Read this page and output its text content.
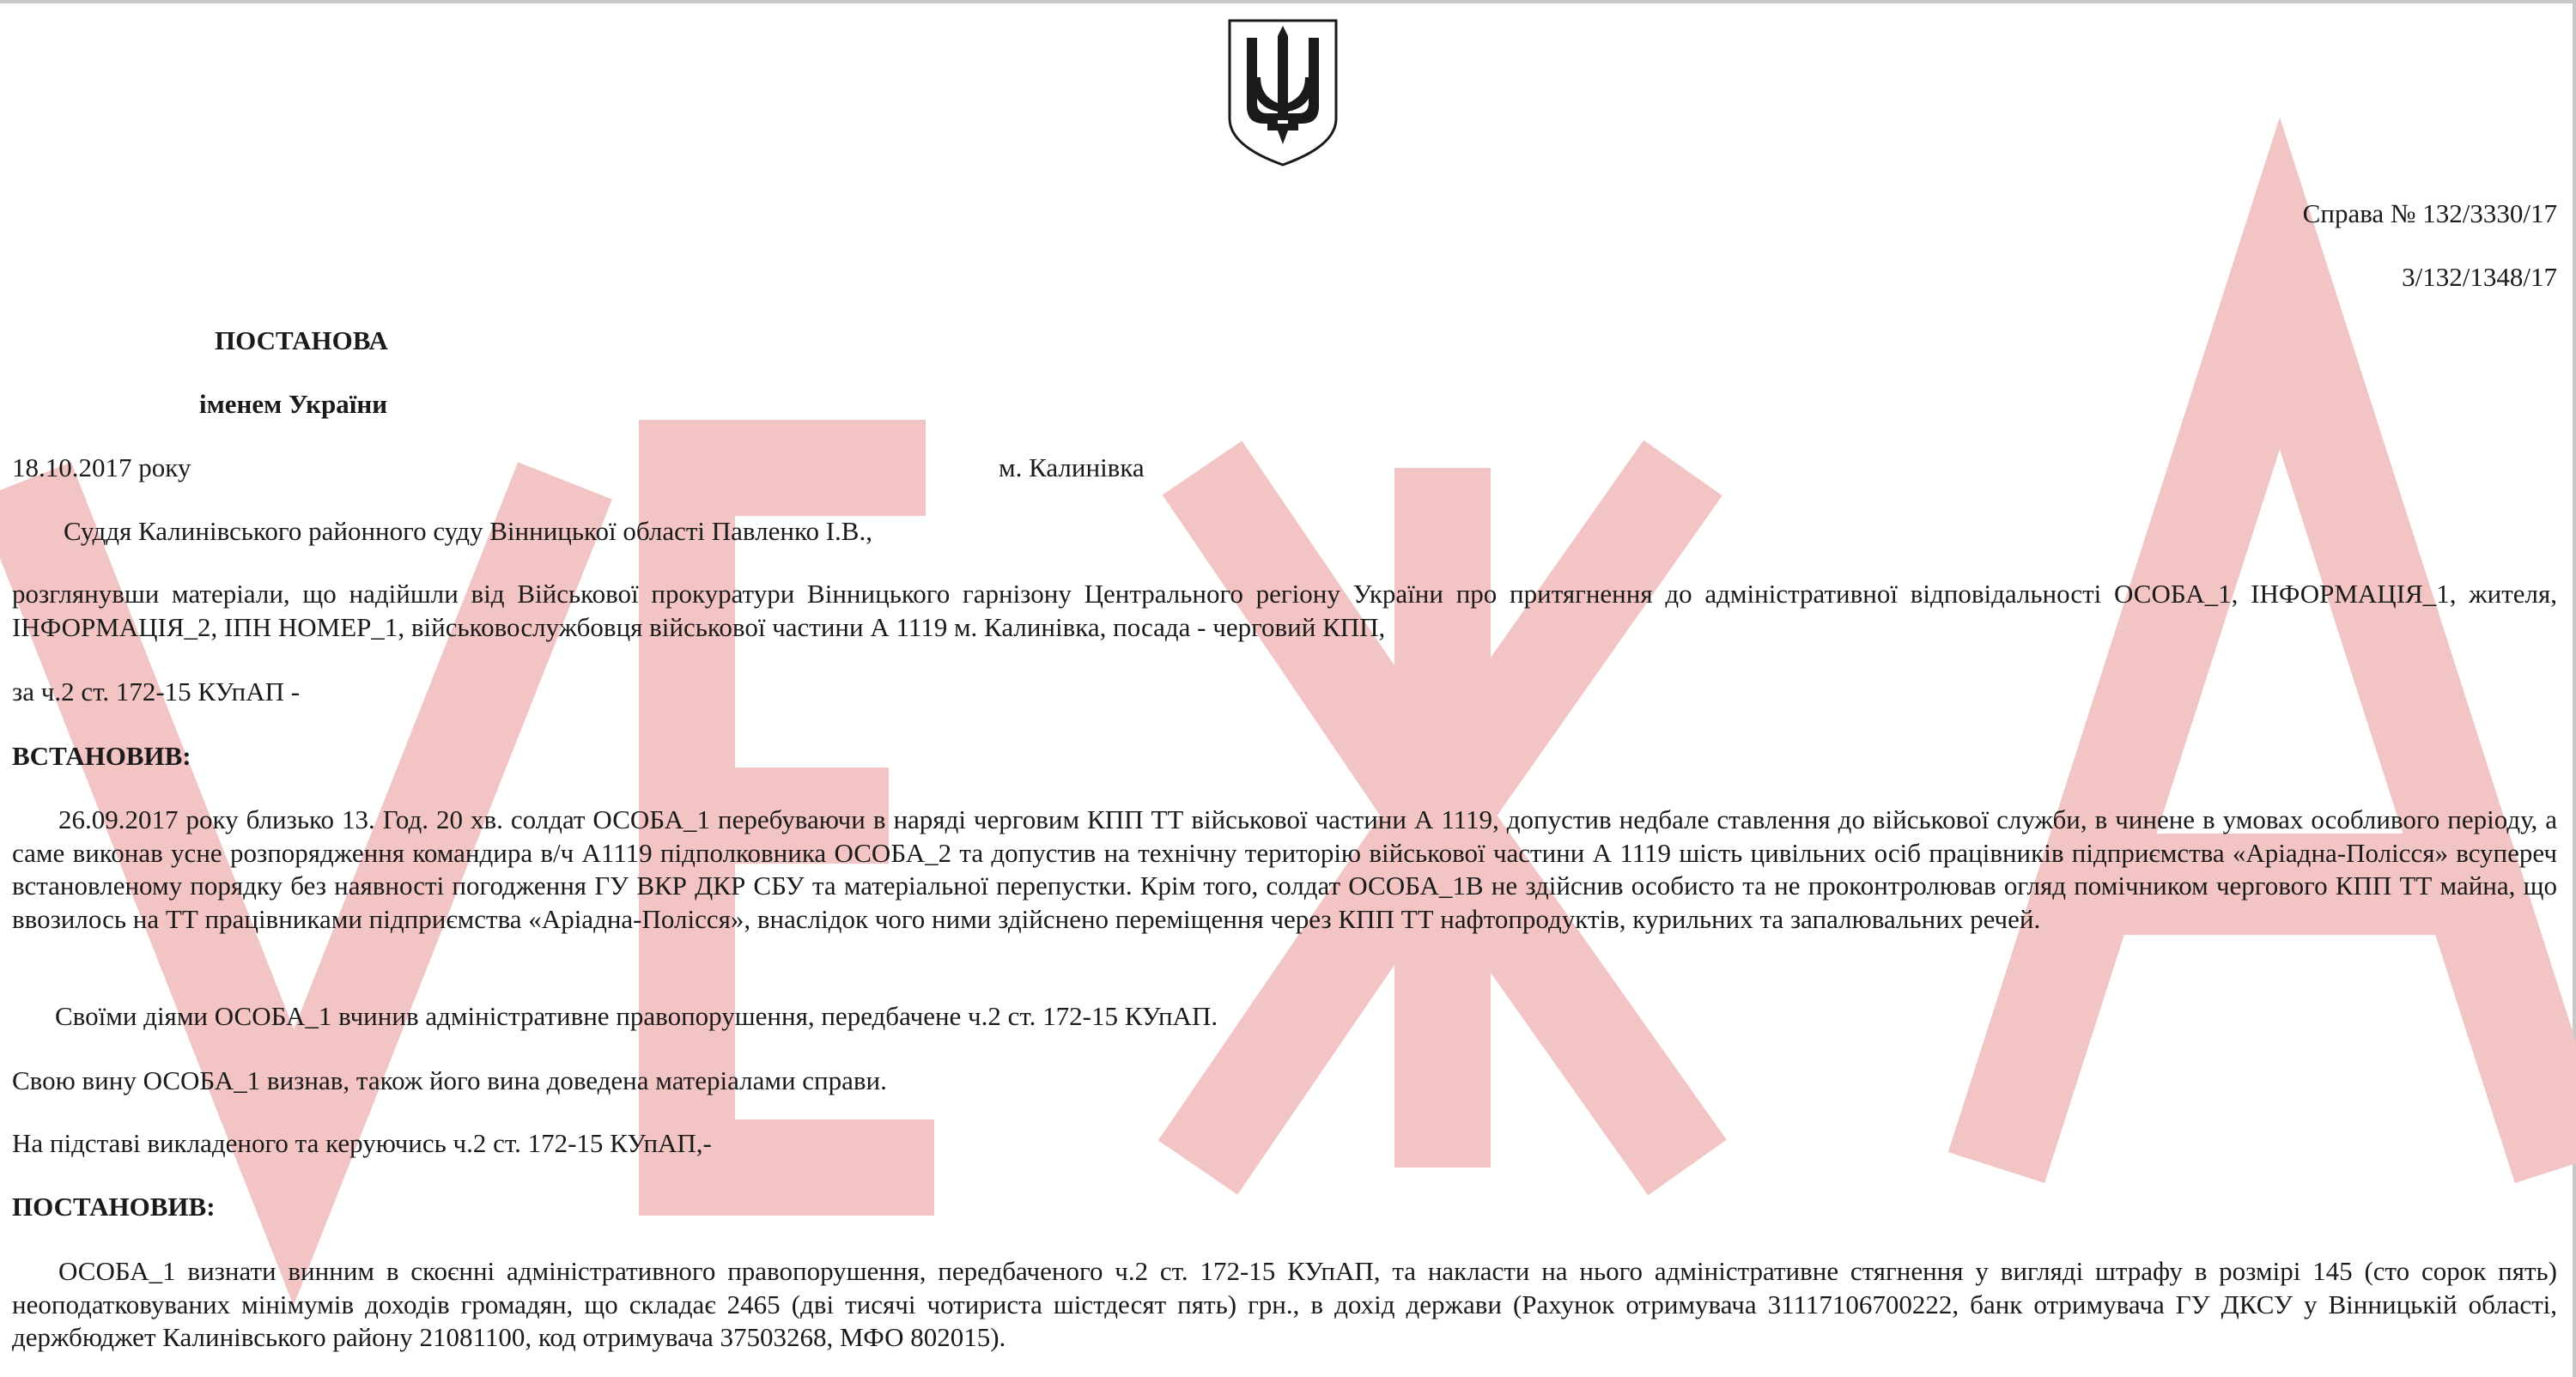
Справа № 132/3330/17
3/132/1348/17
ПОСТАНОВА
іменем України
18.10.2017 року	м. Калинівка
Суддя Калинівського районного суду Вінницької області Павленко І.В.,
розглянувши матеріали, що надійшли від Військової прокуратури Вінницького гарнізону Центрального регіону України про притягнення до адміністративної відповідальності ОСОБА_1, ІНФОРМАЦІЯ_1, жителя, ІНФОРМАЦІЯ_2, ІПН НОМЕР_1, військовослужбовця військової частини А 1119 м. Калинівка, посада - черговий КПП,
за ч.2 ст. 172-15 КУпАП -
ВСТАНОВИВ:
26.09.2017 року близько 13. Год. 20 хв. солдат ОСОБА_1 перебуваючи в наряді черговим КПП ТТ військової частини А 1119, допустив недбале ставлення до військової служби, в чинене в умовах особливого періоду, а саме виконав усне розпорядження командира в/ч А1119 підполковника ОСОБА_2 та допустив на технічну територію військової частини А 1119 шість цивільних осіб працівників підприємства «Аріадна-Полісся» всупереч встановленому порядку без наявності погодження ГУ ВКР ДКР СБУ та матеріальної перепустки. Крім того, солдат ОСОБА_1В не здійснив особисто та не проконтролював огляд помічником чергового КПП ТТ майна, що ввозилось на ТТ працівниками підприємства «Аріадна-Полісся», внаслідок чого ними здійснено переміщення через КПП ТТ нафтопродуктів, курильних та запалювальних речей.
Своїми діями ОСОБА_1 вчинив адміністративне правопорушення, передбачене ч.2 ст. 172-15 КУпАП.
Свою вину ОСОБА_1 визнав, також його вина доведена матеріалами справи.
На підставі викладеного та керуючись ч.2 ст. 172-15 КУпАП,-
ПОСТАНОВИВ:
ОСОБА_1 визнати винним в скоєнні адміністративного правопорушення, передбаченого ч.2 ст. 172-15 КУпАП, та накласти на нього адміністративне стягнення у вигляді штрафу в розмірі 145 (сто сорок пять) неоподатковуваних мінімумів доходів громадян, що складає 2465 (дві тисячі чотириста шістдесят пять) грн., в дохід держави (Рахунок отримувача 31117106700222, банк отримувача ГУ ДКСУ у Вінницькій області, держбюджет Калинівського району 21081100, код отримувача 37503268, МФО 802015).
